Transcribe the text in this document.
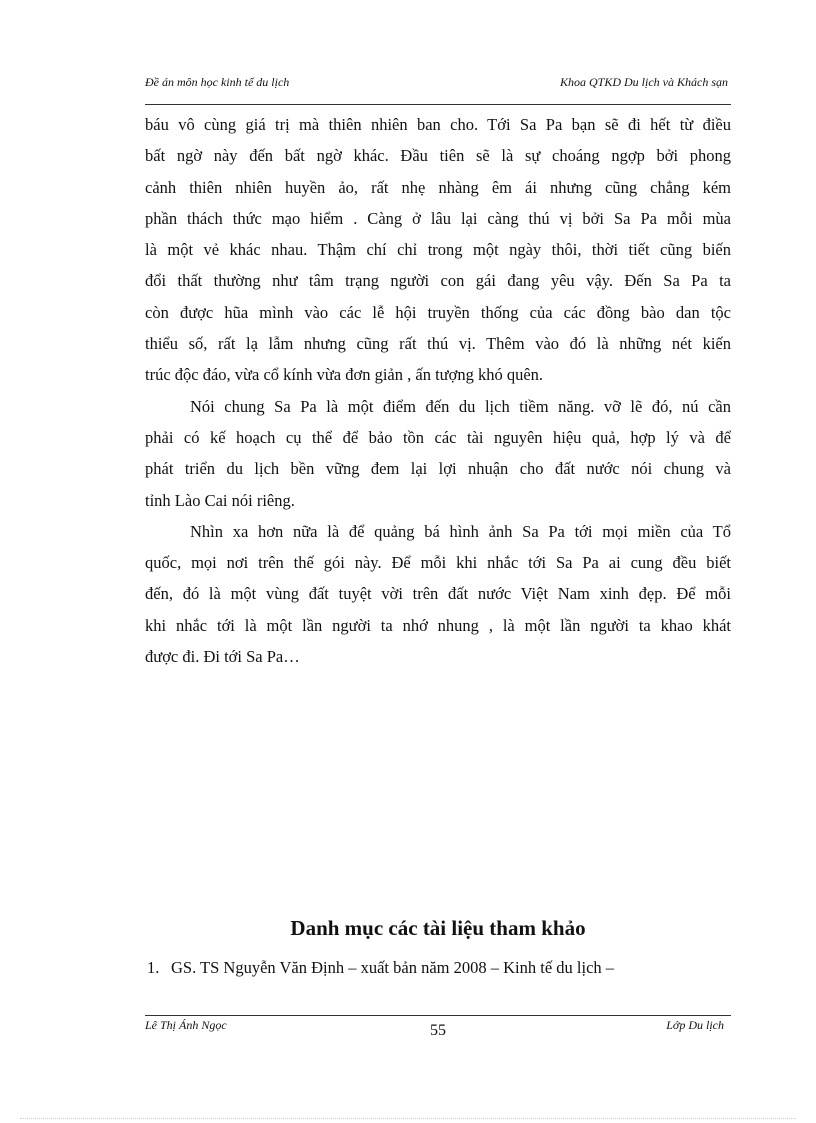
Đề án môn học kinh tế du lịch	Khoa QTKD Du lịch và Khách sạn
báu vô cùng giá trị mà thiên nhiên ban cho. Tới Sa Pa bạn sẽ đi hết từ điều
bất ngờ này đến bất ngờ khác. Đầu tiên sẽ là sự choáng ngợp bởi phong
cảnh thiên nhiên huyền ảo, rất nhẹ nhàng êm ái nhưng cũng chẳng kém
phần thách thức mạo hiểm . Càng ở lâu lại càng thú vị bởi Sa Pa mỗi mùa
là một vẻ khác nhau. Thậm chí chỉ trong một ngày thôi, thời tiết cũng biến
đổi thất thường như tâm trạng người con gái đang yêu vậy. Đến Sa Pa ta
còn được hũa mình vào các lễ hội truyền thống của các đồng bào dan tộc
thiểu số, rất lạ lẫm nhưng cũng rất thú vị. Thêm vào đó là những nét kiến
trúc độc đáo, vừa cổ kính vừa đơn giản , ấn tượng khó quên.
Nói chung Sa Pa là một điểm đến du lịch tiềm năng. vỡ lẽ đó, nú cần
phải có kế hoạch cụ thể để bảo tồn các tài nguyên hiệu quả, hợp lý và để
phát triển du lịch bền vững đem lại lợi nhuận cho đất nước nói chung và
tỉnh Lào Cai nói riêng.
Nhìn xa hơn nữa là để quảng bá hình ảnh Sa Pa tới mọi miền của Tổ
quốc, mọi nơi trên thế gói này. Để mỗi khi nhắc tới Sa Pa ai cung đều biết
đến, đó là một vùng đất tuyệt vời trên đất nước Việt Nam xinh đẹp. Để mỗi
khi nhắc tới là một lần người ta nhớ nhung , là một lần người ta khao khát
được đi. Đi tới Sa Pa…
Danh mục các tài liệu tham khảo
1. GS. TS Nguyễn Văn Định – xuất bản năm 2008 – Kinh tế du lịch –
Lê Thị Ánh Ngọc	55	Lớp Du lịch
